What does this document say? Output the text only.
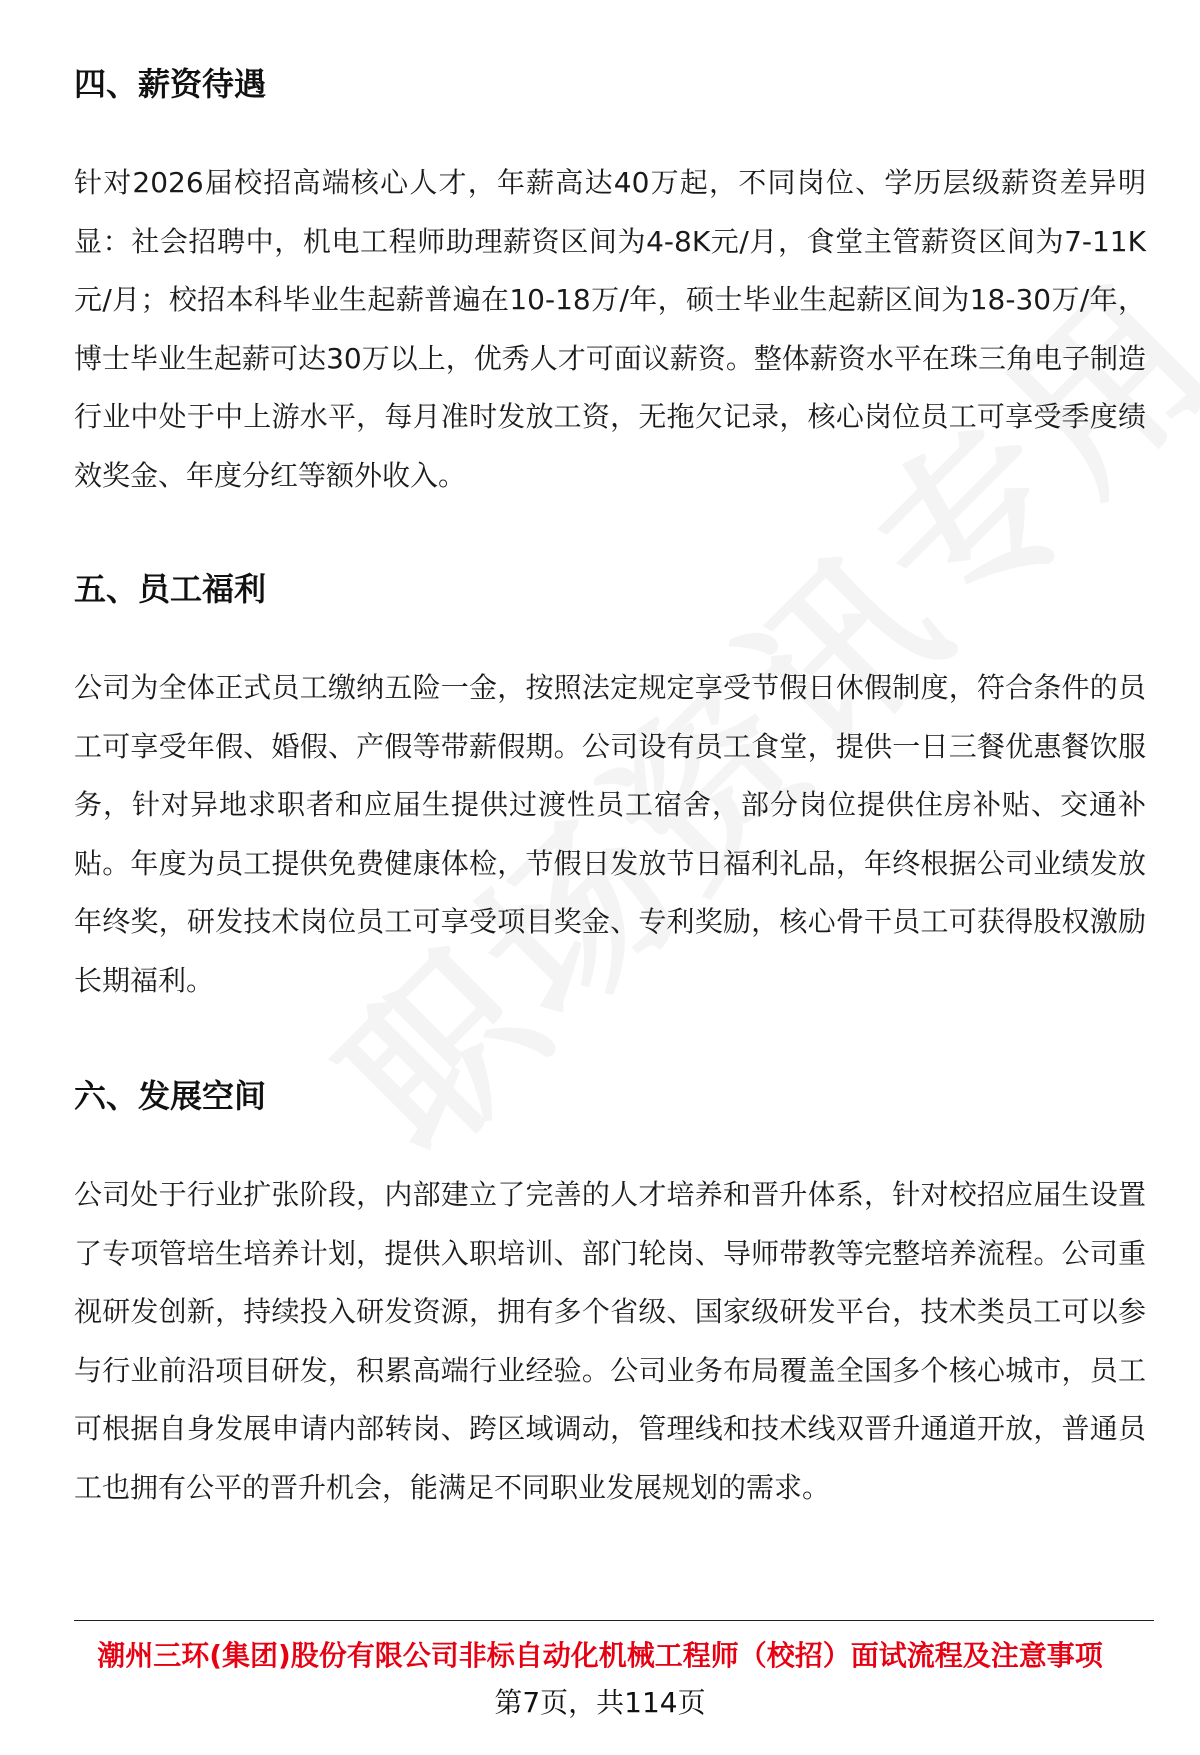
四、薪资待遇

针对2026届校招高端核心人才，年薪高达40万起，不同岗位、学历层级薪资差异明显：社会招聘中，机电工程师助理薪资区间为4-8K元/月，食堂主管薪资区间为7-11K元/月；校招本科毕业生起薪普遍在10-18万/年，硕士毕业生起薪区间为18-30万/年，博士毕业生起薪可达30万以上，优秀人才可面议薪资。整体薪资水平在珠三角电子制造行业中处于中上游水平，每月准时发放工资，无拖欠记录，核心岗位员工可享受季度绩效奖金、年度分红等额外收入。

五、员工福利

公司为全体正式员工缴纳五险一金，按照法定规定享受节假日休假制度，符合条件的员工可享受年假、婚假、产假等带薪假期。公司设有员工食堂，提供一日三餐优惠餐饮服务，针对异地求职者和应届生提供过渡性员工宿舍，部分岗位提供住房补贴、交通补贴。年度为员工提供免费健康体检，节假日发放节日福利礼品，年终根据公司业绩发放年终奖，研发技术岗位员工可享受项目奖金、专利奖励，核心骨干员工可获得股权激励长期福利。

六、发展空间

公司处于行业扩张阶段，内部建立了完善的人才培养和晋升体系，针对校招应届生设置了专项管培生培养计划，提供入职培训、部门轮岗、导师带教等完整培养流程。公司重视研发创新，持续投入研发资源，拥有多个省级、国家级研发平台，技术类员工可以参与行业前沿项目研发，积累高端行业经验。公司业务布局覆盖全国多个核心城市，员工可根据自身发展申请内部转岗、跨区域调动，管理线和技术线双晋升通道开放，普通员工也拥有公平的晋升机会，能满足不同职业发展规划的需求。

潮州三环(集团)股份有限公司非标自动化机械工程师（校招）面试流程及注意事项
第7页，共114页
